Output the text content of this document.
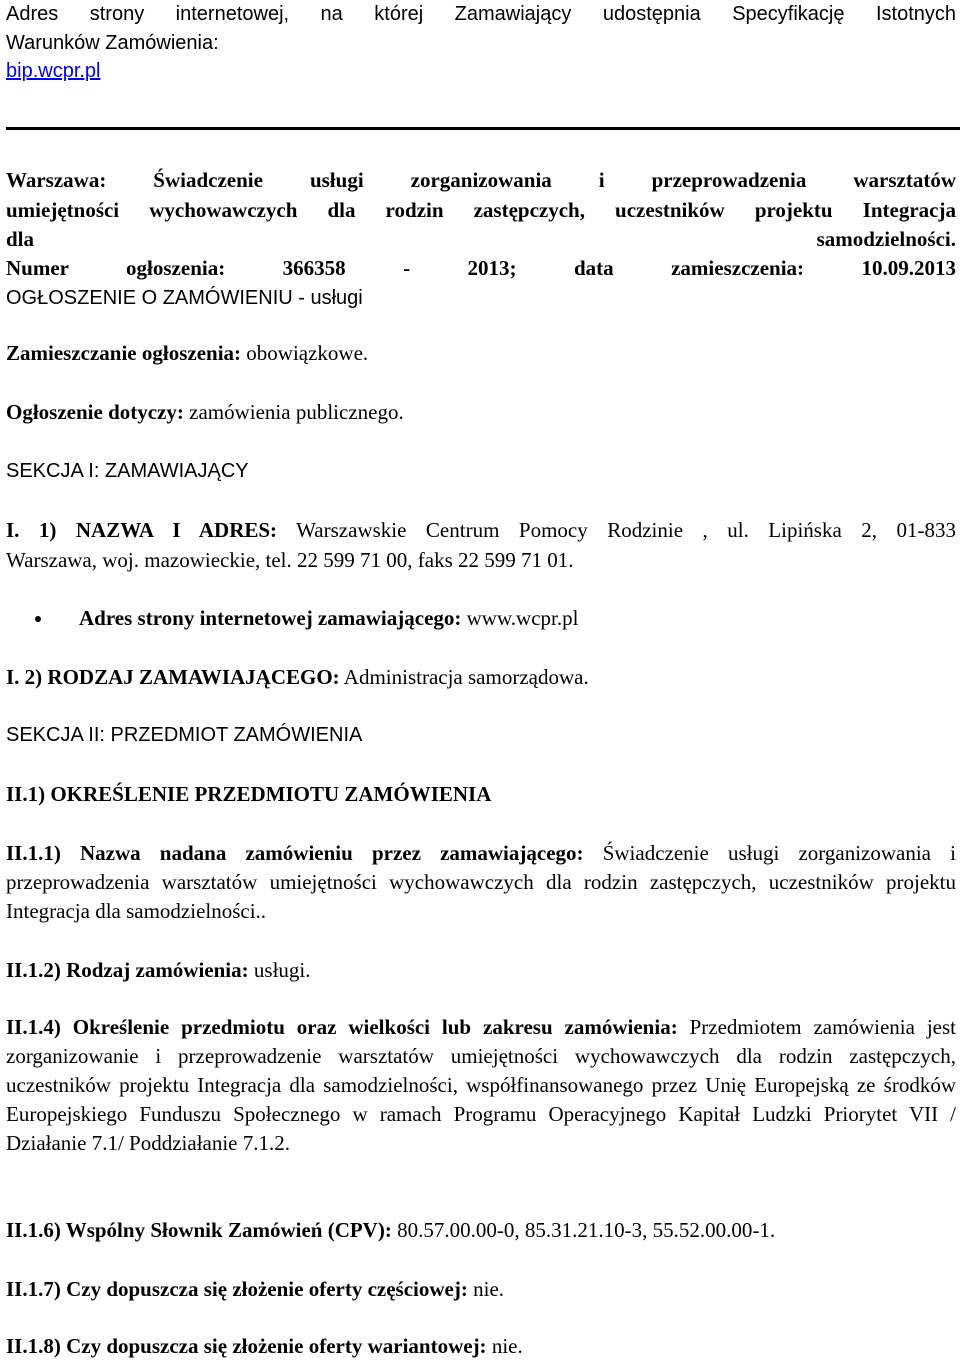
Adres strony internetowej, na której Zamawiający udostępnia Specyfikację Istotnych
Warunków Zamówienia:
bip.wcpr.pl
Warszawa: Świadczenie usługi zorganizowania i przeprowadzenia warsztatów
umiejętności wychowawczych dla rodzin zastępczych, uczestników projektu Integracja
dla samodzielności.
Numer ogłoszenia: 366358 - 2013; data zamieszczenia: 10.09.2013
OGŁOSZENIE O ZAMÓWIENIU - usługi
Zamieszczanie ogłoszenia: obowiązkowe.
Ogłoszenie dotyczy: zamówienia publicznego.
SEKCJA I: ZAMAWIAJĄCY
I. 1) NAZWA I ADRES: Warszawskie Centrum Pomocy Rodzinie , ul. Lipińska 2, 01-833
Warszawa, woj. mazowieckie, tel. 22 599 71 00, faks 22 599 71 01.
Adres strony internetowej zamawiającego: www.wcpr.pl
I. 2) RODZAJ ZAMAWIAJĄCEGO: Administracja samorządowa.
SEKCJA II: PRZEDMIOT ZAMÓWIENIA
II.1) OKREŚLENIE PRZEDMIOTU ZAMÓWIENIA
II.1.1) Nazwa nadana zamówieniu przez zamawiającego: Świadczenie usługi zorganizowania i przeprowadzenia warsztatów umiejętności wychowawczych dla rodzin zastępczych, uczestników projektu Integracja dla samodzielności..
II.1.2) Rodzaj zamówienia: usługi.
II.1.4) Określenie przedmiotu oraz wielkości lub zakresu zamówienia: Przedmiotem zamówienia jest zorganizowanie i przeprowadzenie warsztatów umiejętności wychowawczych dla rodzin zastępczych, uczestników projektu Integracja dla samodzielności, współfinansowanego przez Unię Europejską ze środków Europejskiego Funduszu Społecznego w ramach Programu Operacyjnego Kapitał Ludzki Priorytet VII / Działanie 7.1/ Poddziałanie 7.1.2.
II.1.6) Wspólny Słownik Zamówień (CPV): 80.57.00.00-0, 85.31.21.10-3, 55.52.00.00-1.
II.1.7) Czy dopuszcza się złożenie oferty częściowej: nie.
II.1.8) Czy dopuszcza się złożenie oferty wariantowej: nie.
